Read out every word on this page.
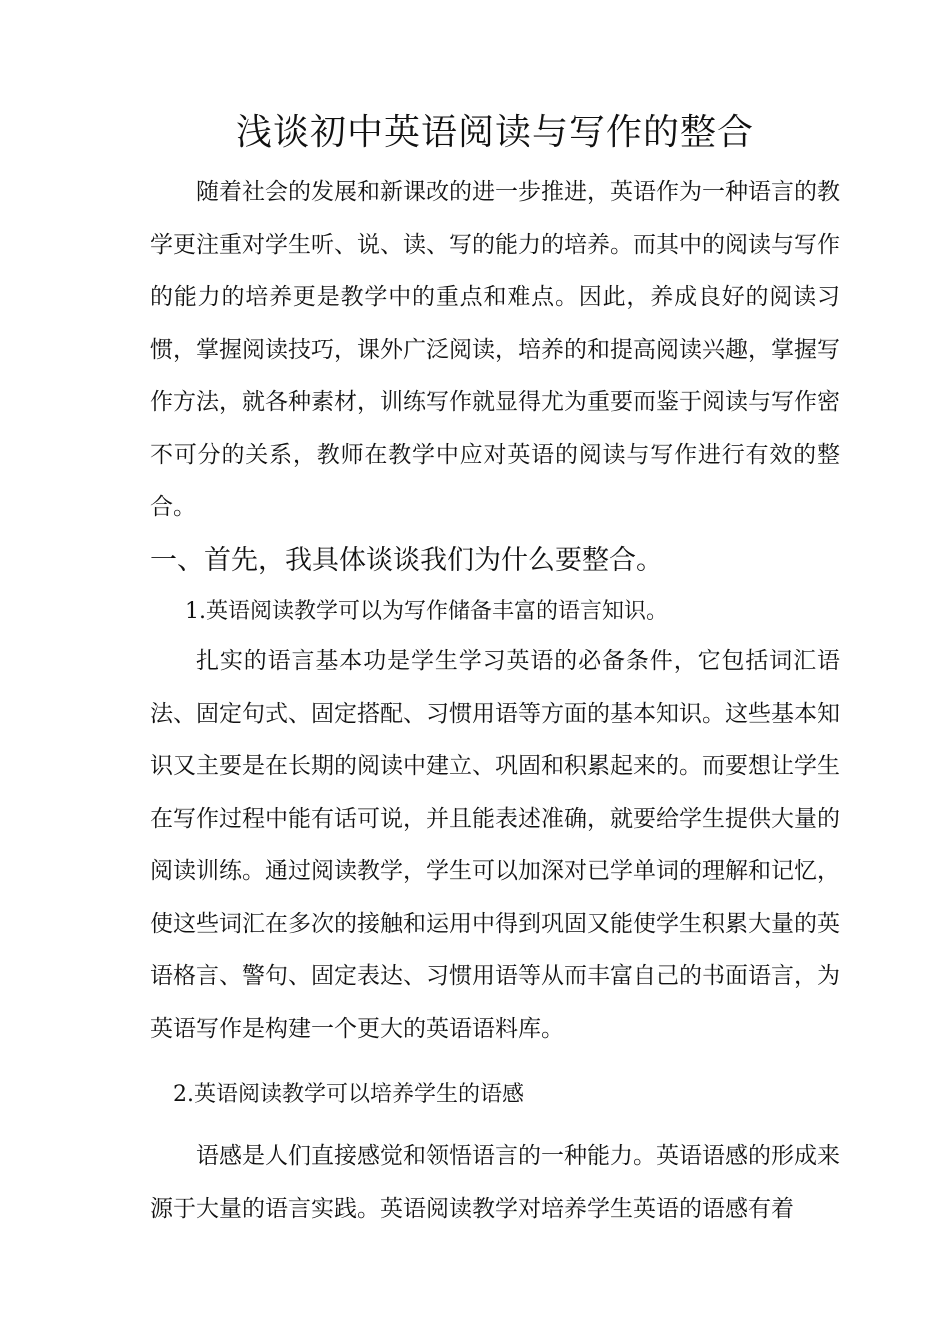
浅谈初中英语阅读与写作的整合

随着社会的发展和新课改的进一步推进，英语作为一种语言的教学更注重对学生听、说、读、写的能力的培养。而其中的阅读与写作的能力的培养更是教学中的重点和难点。因此，养成良好的阅读习惯，掌握阅读技巧，课外广泛阅读，培养的和提高阅读兴趣，掌握写作方法，就各种素材，训练写作就显得尤为重要而鉴于阅读与写作密不可分的关系，教师在教学中应对英语的阅读与写作进行有效的整合。

一、首先，我具体谈谈我们为什么要整合。
1.英语阅读教学可以为写作储备丰富的语言知识。

扎实的语言基本功是学生学习英语的必备条件，它包括词汇语法、固定句式、固定搭配、习惯用语等方面的基本知识。这些基本知识又主要是在长期的阅读中建立、巩固和积累起来的。而要想让学生在写作过程中能有话可说，并且能表述准确，就要给学生提供大量的阅读训练。通过阅读教学，学生可以加深对已学单词的理解和记忆，使这些词汇在多次的接触和运用中得到巩固又能使学生积累大量的英语格言、警句、固定表达、习惯用语等从而丰富自己的书面语言，为英语写作是构建一个更大的英语语料库。

2.英语阅读教学可以培养学生的语感

语感是人们直接感觉和领悟语言的一种能力。英语语感的形成来源于大量的语言实践。英语阅读教学对培养学生英语的语感有着
